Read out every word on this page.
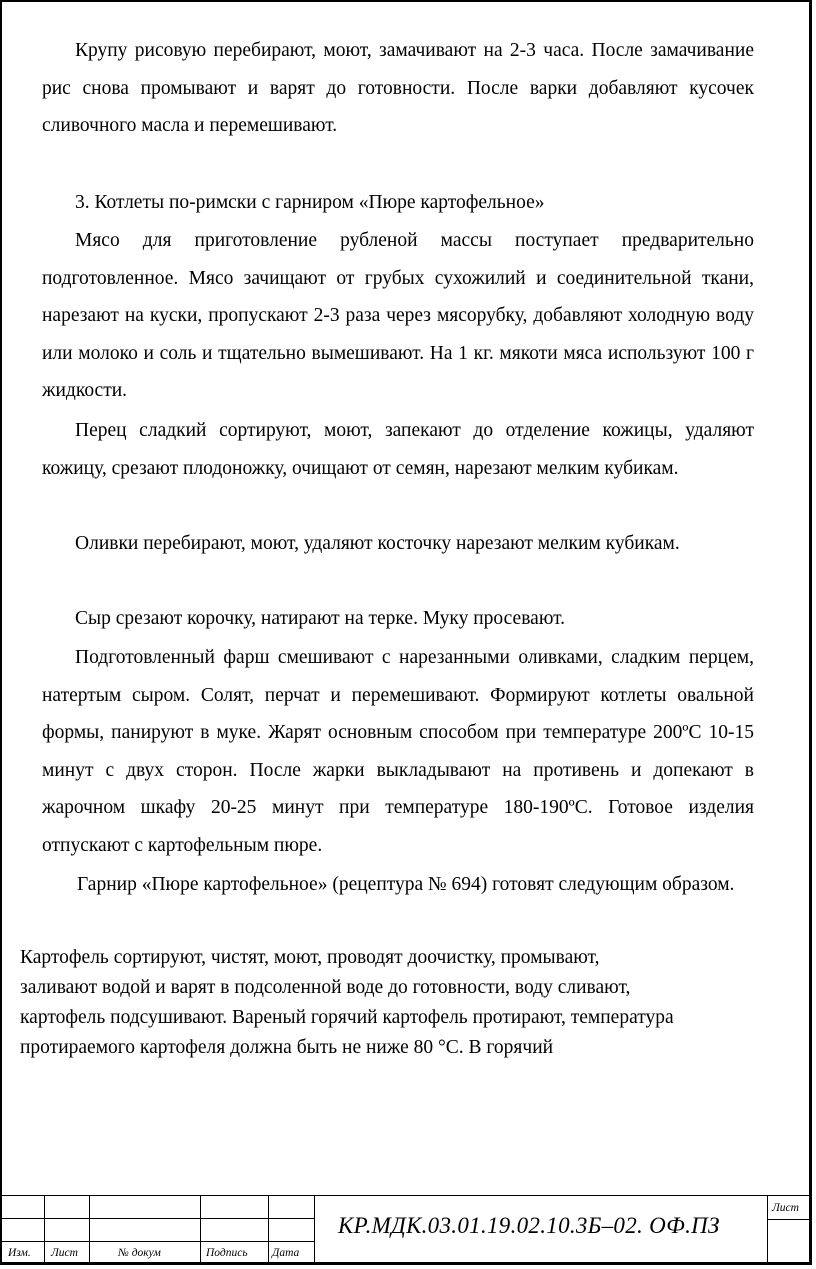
Крупу рисовую перебирают, моют, замачивают на 2-3 часа. После замачивание рис снова промывают и варят до готовности. После варки добавляют кусочек сливочного масла и перемешивают.
3. Котлеты по-римски с гарниром «Пюре картофельное»
Мясо для приготовление рубленой массы поступает предварительно подготовленное. Мясо зачищают от грубых сухожилий и соединительной ткани, нарезают на куски, пропускают 2-3 раза через мясорубку, добавляют холодную воду или молоко и соль и тщательно вымешивают. На 1 кг. мякоти мяса используют 100 г жидкости.
Перец сладкий сортируют, моют, запекают до отделение кожицы, удаляют кожицу, срезают плодоножку, очищают от семян, нарезают мелким кубикам.
Оливки перебирают, моют, удаляют косточку нарезают мелким кубикам.
Сыр срезают корочку, натирают на терке. Муку просевают.
Подготовленный фарш смешивают с нарезанными оливками, сладким перцем, натертым сыром. Солят, перчат и перемешивают. Формируют котлеты овальной формы, панируют в муке. Жарят основным способом при температуре 200ºС 10-15 минут с двух сторон. После жарки выкладывают на противень и допекают в жарочном шкафу 20-25 минут при температуре 180-190ºС. Готовое изделия отпускают с картофельным пюре.
Гарнир «Пюре картофельное» (рецептура № 694) готовят следующим образом.
Картофель сортируют, чистят, моют, проводят доочистку, промывают,
заливают водой и варят в подсоленной воде до готовности, воду сливают,
картофель подсушивают. Вареный горячий картофель протирают, температура
протираемого картофеля должна быть не ниже 80 °С. В горячий
Изм. Лист	№ докум	Подпись Дата
КР.МДК.03.01.19.02.10.3Б–02. ОФ.ПЗ
Лист
